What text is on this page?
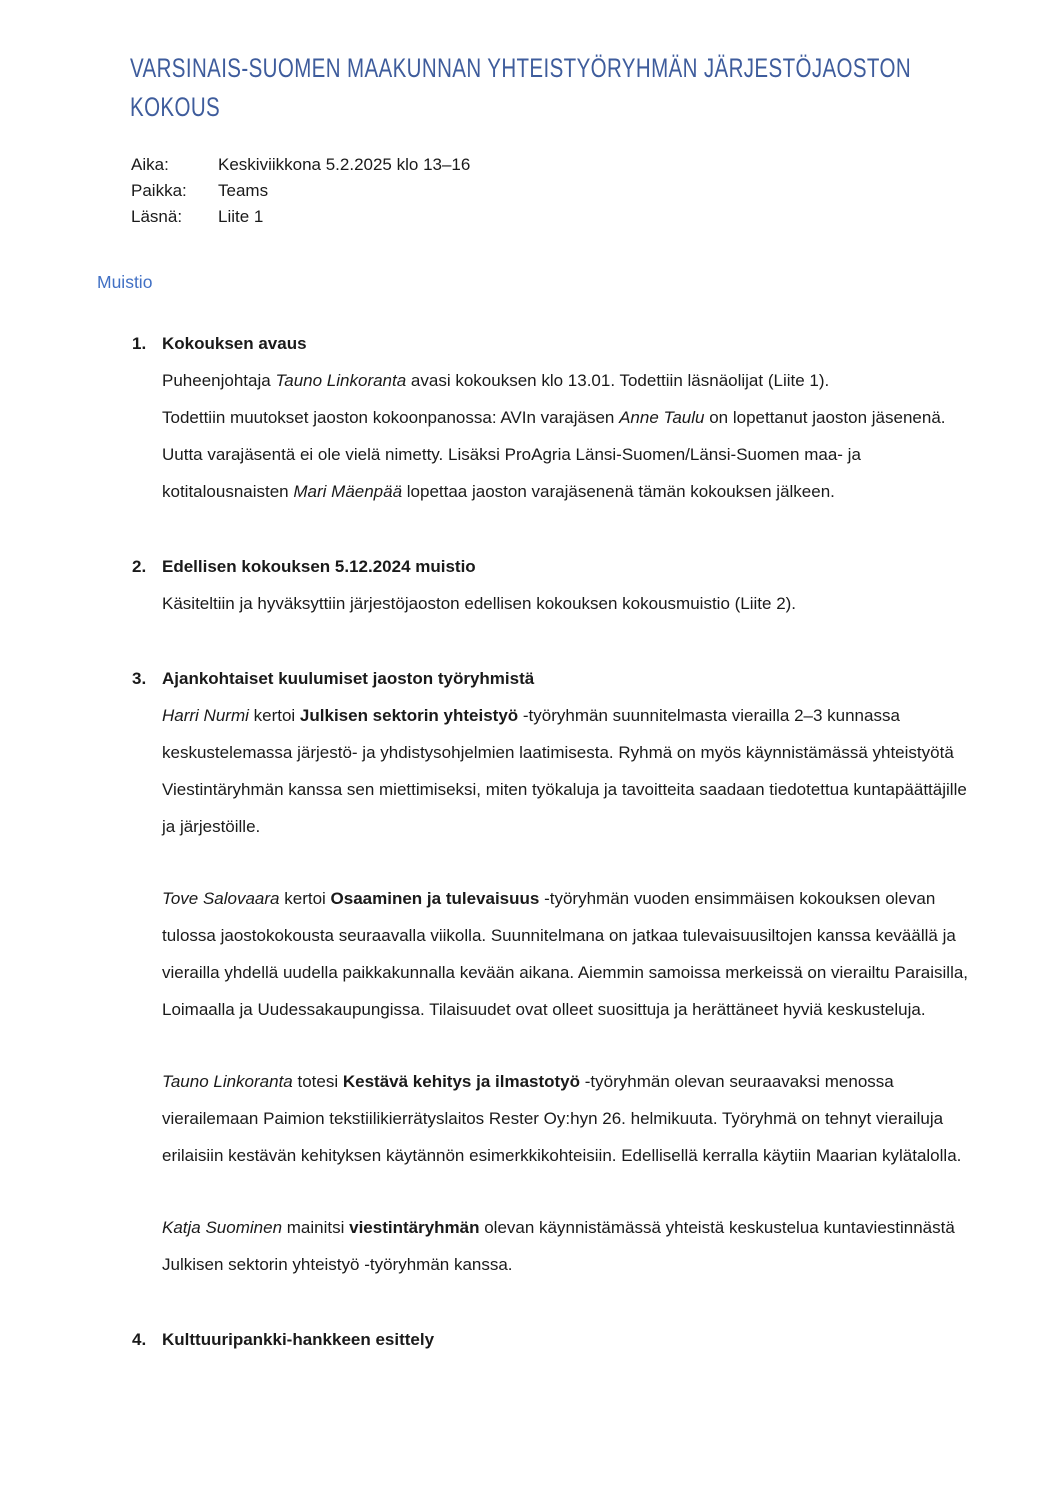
VARSINAIS-SUOMEN MAAKUNNAN YHTEISTYÖRYHMÄN JÄRJESTÖJAOSTON
KOKOUS
Aika:	Keskiviikkona 5.2.2025 klo 13–16
Paikka:	Teams
Läsnä:	Liite 1
Muistio
1. Kokouksen avaus
Puheenjohtaja Tauno Linkoranta avasi kokouksen klo 13.01. Todettiin läsnäolijat (Liite 1).
Todettiin muutokset jaoston kokoonpanossa: AVIn varajäsen Anne Taulu on lopettanut jaoston jäsenenä.
Uutta varajäsentä ei ole vielä nimetty. Lisäksi ProAgria Länsi-Suomen/Länsi-Suomen maa- ja
kotitalousnaisten Mari Mäenpää lopettaa jaoston varajäsenenä tämän kokouksen jälkeen.
2. Edellisen kokouksen 5.12.2024 muistio
Käsiteltiin ja hyväksyttiin järjestöjaoston edellisen kokouksen kokousmuistio (Liite 2).
3. Ajankohtaiset kuulumiset jaoston työryhmistä
Harri Nurmi kertoi Julkisen sektorin yhteistyö -työryhmän suunnitelmasta vierailla 2–3 kunnassa
keskustelemassa järjestö- ja yhdistysohjelmien laatimisesta. Ryhmä on myös käynnistämässä yhteistyötä
Viestintäryhmän kanssa sen miettimiseksi, miten työkaluja ja tavoitteita saadaan tiedotettua kuntapäättäjille
ja järjestöille.
Tove Salovaara kertoi Osaaminen ja tulevaisuus -työryhmän vuoden ensimmäisen kokouksen olevan
tulossa jaostokokousta seuraavalla viikolla. Suunnitelmana on jatkaa tulevaisuusiltojen kanssa keväällä ja
vierailla yhdellä uudella paikkakunnalla kevään aikana. Aiemmin samoissa merkeissä on vierailtu Paraisilla,
Loimaalla ja Uudessakaupungissa. Tilaisuudet ovat olleet suosittuja ja herättäneet hyviä keskusteluja.
Tauno Linkoranta totesi Kestävä kehitys ja ilmastotyö -työryhmän olevan seuraavaksi menossa
vierailemaan Paimion tekstiilikierrätyslaitos Rester Oy:hyn 26. helmikuuta. Työryhmä on tehnyt vierailuja
erilaisiin kestävän kehityksen käytännön esimerkkikohteisiin. Edellisellä kerralla käytiin Maarian kylätalolla.
Katja Suominen mainitsi viestintäryhmän olevan käynnistämässä yhteistä keskustelua kuntaviestinnästä
Julkisen sektorin yhteistyö -työryhmän kanssa.
4. Kulttuuripankki-hankkeen esittely
